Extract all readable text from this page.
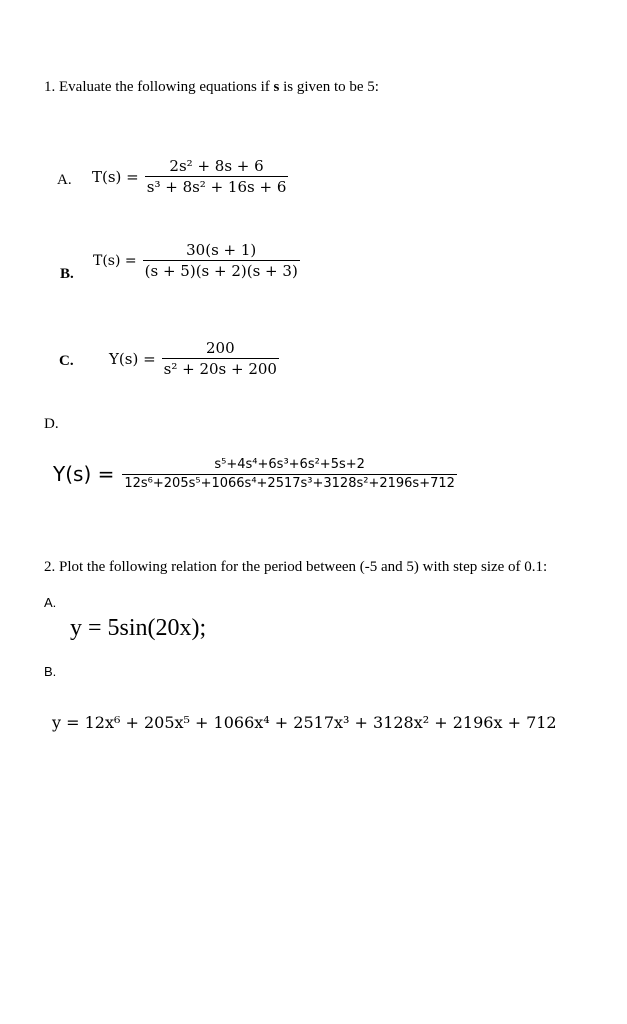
1. Evaluate the following equations if s is given to be 5:
A. $T(s) = \frac{\text{2s² + 8s + 6}}{\text{s³ + 8s² + 16s + 6}}$
B.
$T(s) = \frac{30(s + 1)}{(s + 5)(s + 2)(s + 3)}$
C. $Y(s) = \frac{200}{\text{s² + 20s + 200}}$
D.
$Y(s) = \frac{\text{s⁵+4s⁴+6s³+6s²+5s+2}}{\text{12s⁶+205s⁵+1066s⁴+2517s³+3128s²+2196s+712}}$
2. Plot the following relation for the period between (-5 and 5) with step size of 0.1:
A.
y = 5sin(20x);
B.
y = 12x⁶ + 205x⁵ + 1066x⁴ + 2517x³ + 3128x² + 2196x + 712
